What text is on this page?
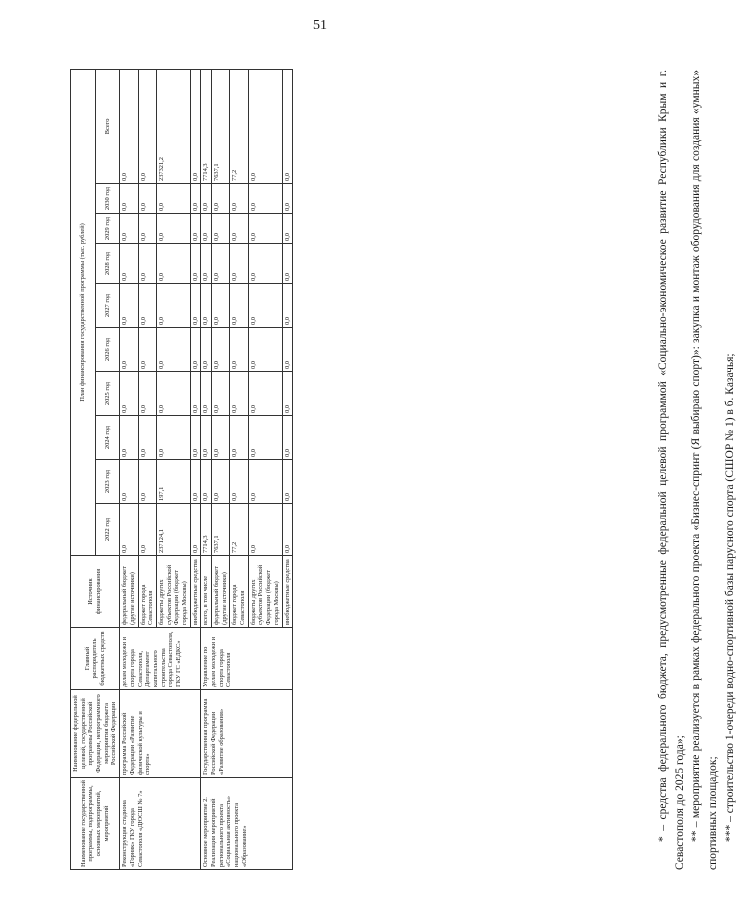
51
Наименование государственной программы, подпрограммы, основных мероприятий, мероприятий	Наименование федеральной целевой, государственной программы Российской Федерации, непрограммного мероприятия бюджета Российской Федерации	Главный распорядитель бюджетных средств	Источник финансирования	План финансирования государственной программы (тыс. рублей)									
				2022 год	2023 год	2024 год	2025 год	2026 год	2027 год	2028 год	2029 год	2030 год	Всего
Реконструкция стадиона «Горняк» ГКУ города Севастополя «ДЮСШ № 7»	программа Российской Федерации «Развитие физической культуры и спорта»	делам молодежи и спорта города Севастополя, Департамент капитального строительства города Севастополя, ГКУ ГС «ЕДКС»	федеральный бюджет (другие источники)	0,0	0,0	0,0	0,0	0,0	0,0	0,0	0,0	0,0	0,0
			бюджет города Севастополя	0,0	0,0	0,0	0,0	0,0	0,0	0,0	0,0	0,0	0,0
			бюджеты других субъектов Российской Федерации (бюджет города Москвы)	237124,1	197,1	0,0	0,0	0,0	0,0	0,0	0,0	0,0	237321,2
			внебюджетные средства	0,0	0,0	0,0	0,0	0,0	0,0	0,0	0,0	0,0	0,0
Основное мероприятие 2. Реализация мероприятий регионального проекта «Социальная активность» национального проекта «Образование»	Государственная программа Российской Федерации «Развитие образования»	Управление по делам молодежи и спорта города Севастополя	всего, в том числе	7714,3	0,0	0,0	0,0	0,0	0,0	0,0	0,0	0,0	7714,3
			федеральный бюджет (другие источники)	7637,1	0,0	0,0	0,0	0,0	0,0	0,0	0,0	0,0	7637,1
			бюджет города Севастополя	77,2	0,0	0,0	0,0	0,0	0,0	0,0	0,0	0,0	77,2
			бюджеты других субъектов Российской Федерации (бюджет города Москвы)	0,0	0,0	0,0	0,0	0,0	0,0	0,0	0,0	0,0	0,0
			внебюджетные средства	0,0	0,0	0,0	0,0	0,0	0,0	0,0	0,0	0,0	0,0	* – средства федерального бюджета, предусмотренные федеральной целевой программой «Социально-экономическое развитие Республики Крым и г. Севастополя до 2025 года»; ** – мероприятие реализуется в рамках федерального проекта «Бизнес-спринт (Я выбираю спорт)»: закупка и монтаж оборудования для создания «умных» спортивных площадок; *** – строительство 1-очереди водно-спортивной базы парусного спорта (СШОР № 1) в б. Казачья;
